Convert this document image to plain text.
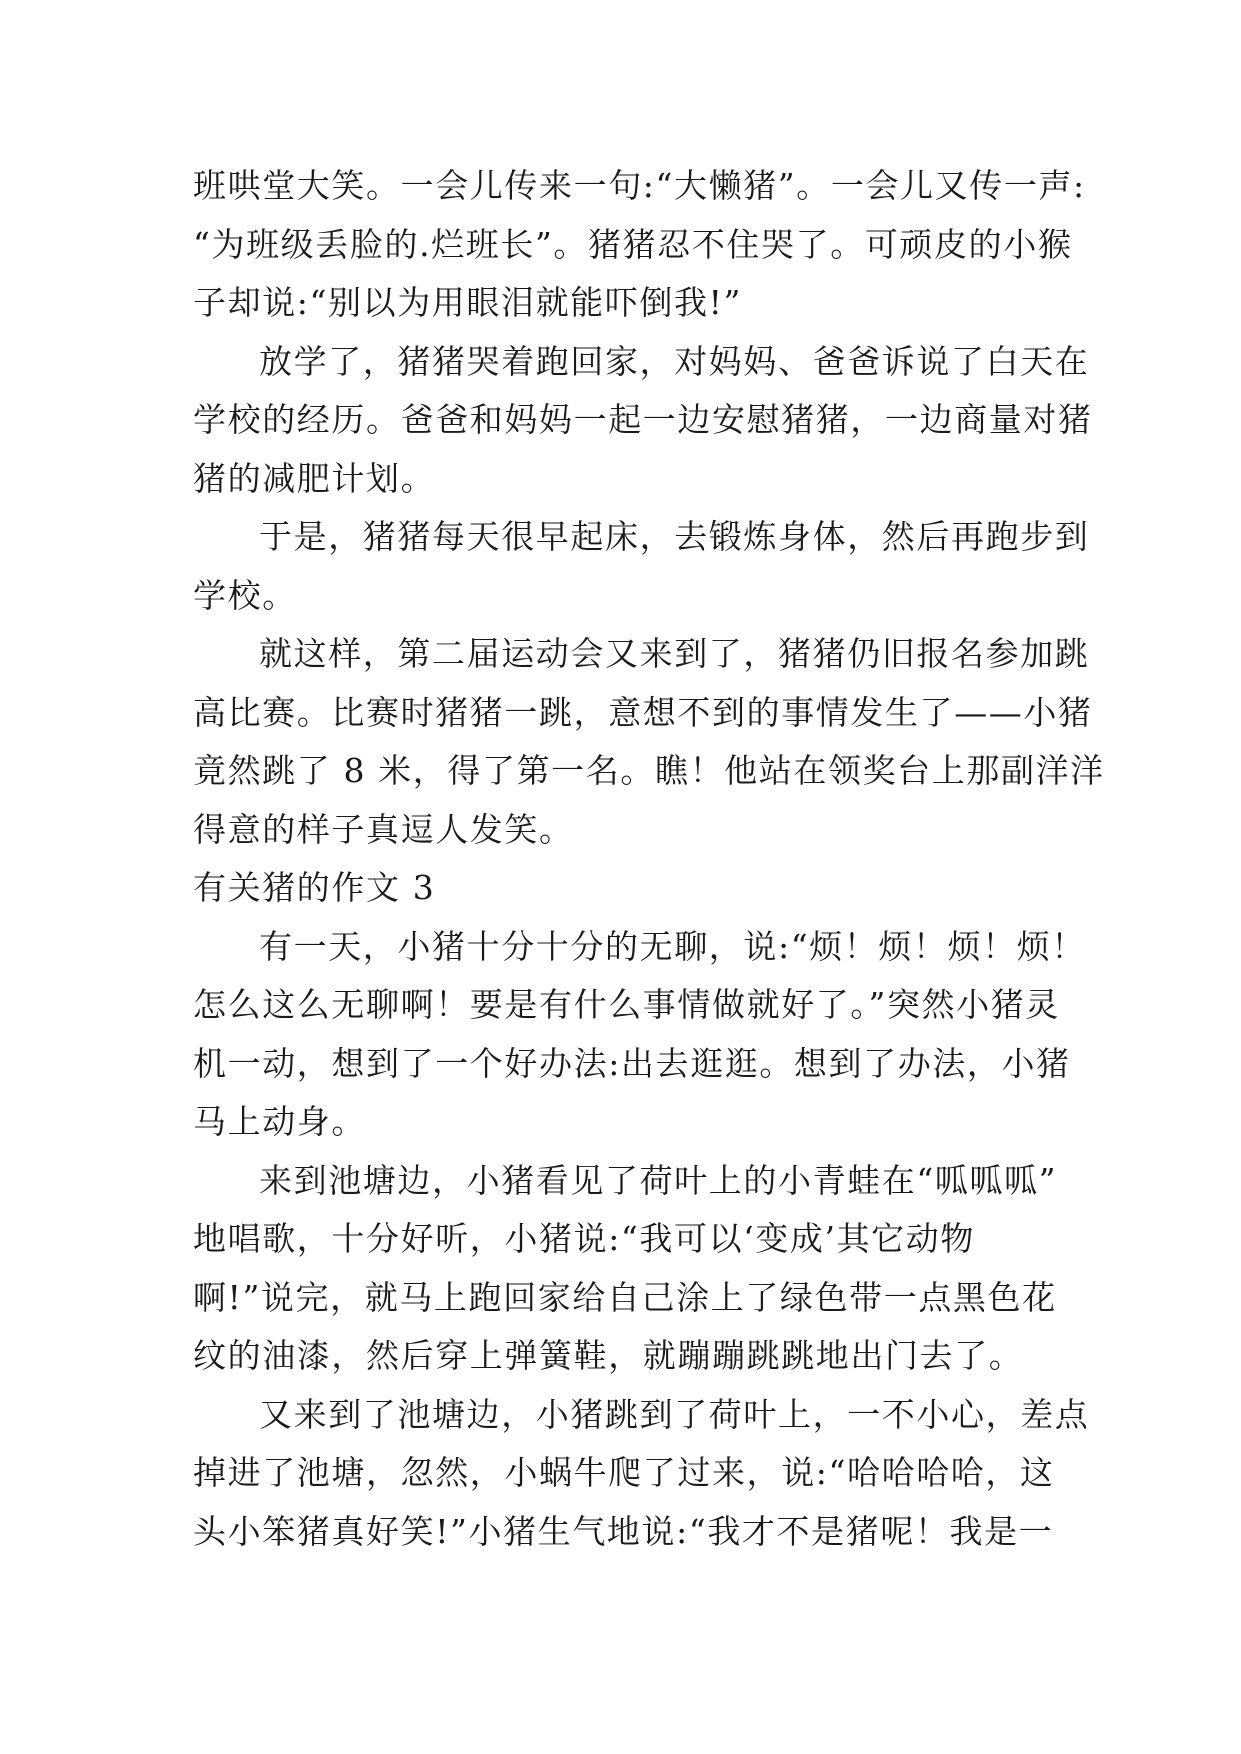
班哄堂大笑。一会儿传来一句:“大懒猪”。一会儿又传一声:
“为班级丢脸的.烂班长”。猪猪忍不住哭了。可顽皮的小猴
子却说:“别以为用眼泪就能吓倒我!”

放学了，猪猪哭着跑回家，对妈妈、爸爸诉说了白天在
学校的经历。爸爸和妈妈一起一边安慰猪猪，一边商量对猪
猪的减肥计划。

于是，猪猪每天很早起床，去锻炼身体，然后再跑步到
学校。

就这样，第二届运动会又来到了，猪猪仍旧报名参加跳
高比赛。比赛时猪猪一跳，意想不到的事情发生了——小猪
竟然跳了 8 米，得了第一名。瞧！他站在领奖台上那副洋洋
得意的样子真逗人发笑。

有关猪的作文 3

有一天，小猪十分十分的无聊，说:“烦！烦！烦！烦！
怎么这么无聊啊！要是有什么事情做就好了。”突然小猪灵
机一动，想到了一个好办法:出去逛逛。想到了办法，小猪
马上动身。

来到池塘边，小猪看见了荷叶上的小青蛙在“呱呱呱”
地唱歌，十分好听，小猪说:“我可以‘变成’其它动物
啊!”说完，就马上跑回家给自己涂上了绿色带一点黑色花
纹的油漆，然后穿上弹簧鞋，就蹦蹦跳跳地出门去了。

又来到了池塘边，小猪跳到了荷叶上，一不小心，差点
掉进了池塘，忽然，小蜗牛爬了过来，说:“哈哈哈哈，这
头小笨猪真好笑!”小猪生气地说:“我才不是猪呢！我是一
